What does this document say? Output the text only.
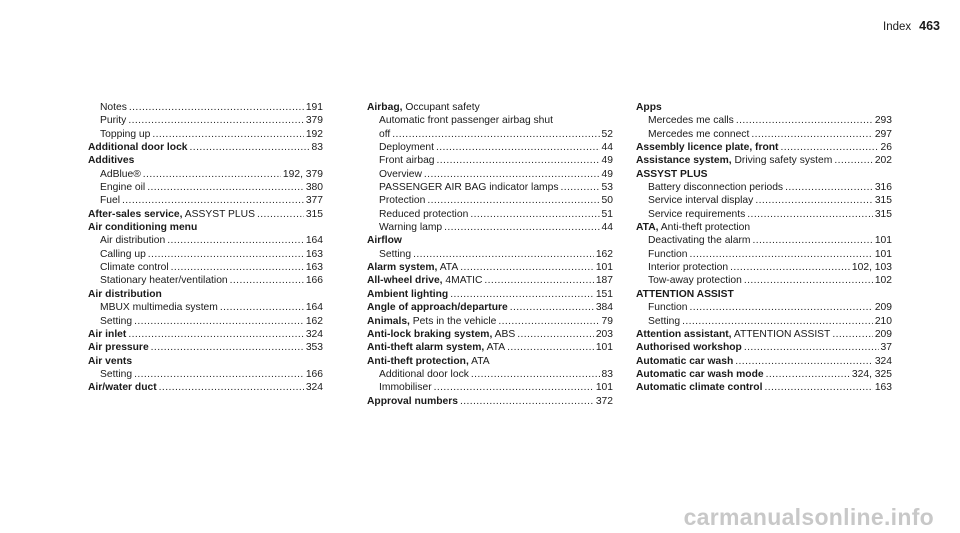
Index 463
Notes .....	191
Purity .....	379
Topping up .....	192
Additional door lock .....	83
Additives
AdBlue® .....	192, 379
Engine oil .....	380
Fuel .....	377
After-sales service, ASSYST PLUS .....	315
Air conditioning menu
Air distribution .....	164
Calling up .....	163
Climate control .....	163
Stationary heater/ventilation .....	166
Air distribution
MBUX multimedia system .....	164
Setting .....	162
Air inlet .....	324
Air pressure .....	353
Air vents
Setting .....	166
Air/water duct .....	324
Airbag, Occupant safety
Automatic front passenger airbag shut
off .....	52
Deployment .....	44
Front airbag .....	49
Overview .....	49
PASSENGER AIR BAG indicator lamps .....	53
Protection .....	50
Reduced protection .....	51
Warning lamp .....	44
Airflow
Setting .....	162
Alarm system, ATA .....	101
All-wheel drive, 4MATIC .....	187
Ambient lighting .....	151
Angle of approach/departure .....	384
Animals, Pets in the vehicle .....	79
Anti-lock braking system, ABS .....	203
Anti-theft alarm system, ATA .....	101
Anti-theft protection, ATA
Additional door lock .....	83
Immobiliser .....	101
Approval numbers .....	372
Apps
Mercedes me calls .....	293
Mercedes me connect .....	297
Assembly licence plate, front .....	26
Assistance system, Driving safety system .....	202
ASSYST PLUS
Battery disconnection periods .....	316
Service interval display .....	315
Service requirements .....	315
ATA, Anti-theft protection
Deactivating the alarm .....	101
Function .....	101
Interior protection .....	102, 103
Tow-away protection .....	102
ATTENTION ASSIST
Function .....	209
Setting .....	210
Attention assistant, ATTENTION ASSIST .....	209
Authorised workshop .....	37
Automatic car wash .....	324
Automatic car wash mode .....	324, 325
Automatic climate control .....	163
carmanualsonline.info
